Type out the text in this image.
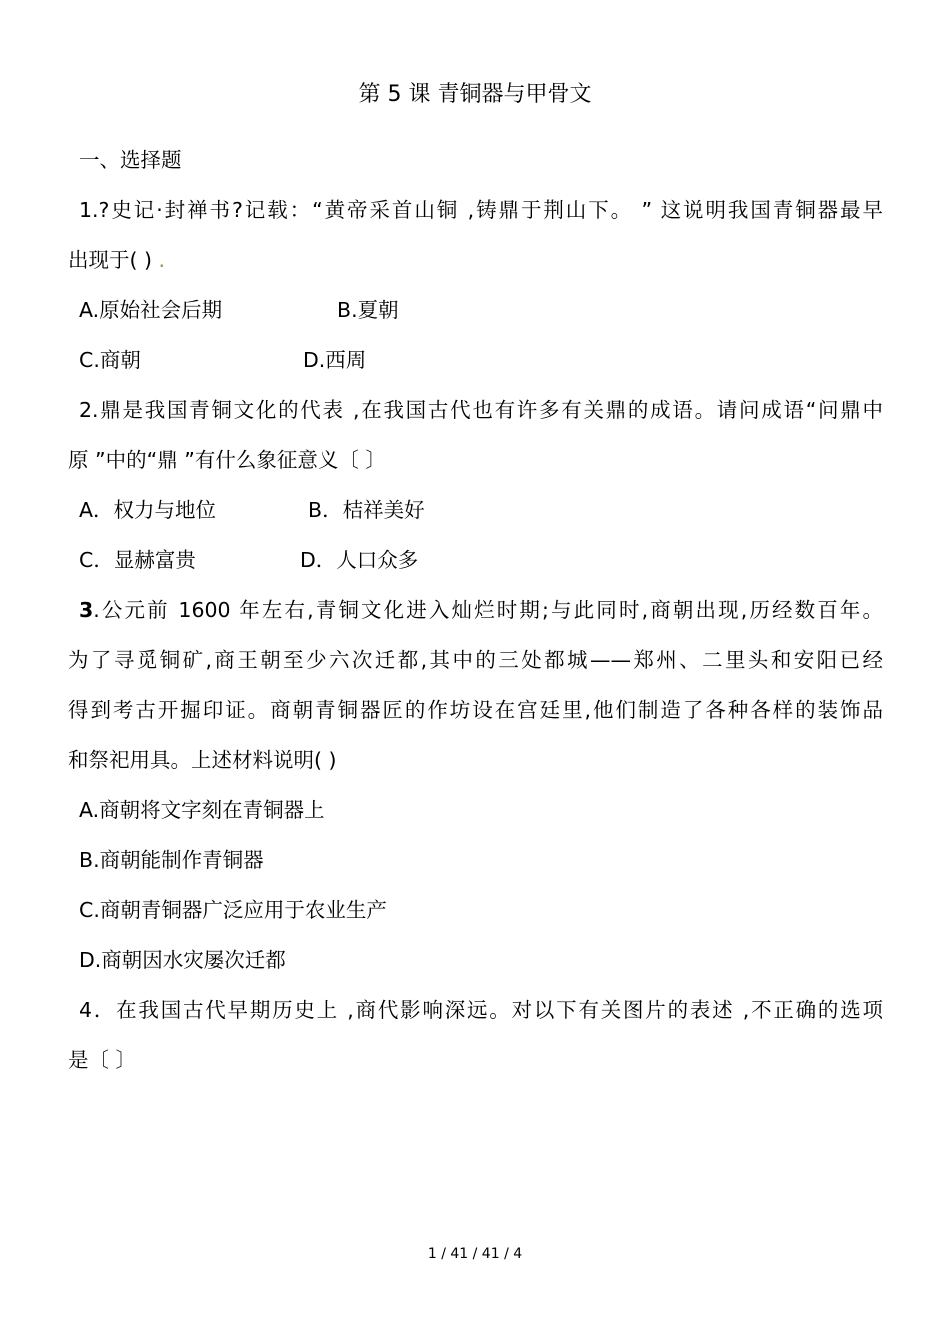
第 5 课 青铜器与甲骨文
一、选择题
1.?史记·封禅书?记载：“黄帝采首山铜 ,铸鼎于荆山下。 ” 这说明我国青铜器最早
出现于( ) .
A.原始社会后期	B.夏朝
C.商朝	D.西周
2.鼎是我国青铜文化的代表 ,在我国古代也有许多有关鼎的成语。请问成语“问鼎中
原 ”中的“鼎 ”有什么象征意义〔 〕
A．权力与地位	B．桔祥美好
C．显赫富贵	D．人口众多
3.公元前 1600 年左右,青铜文化进入灿烂时期;与此同时,商朝出现,历经数百年。
为了寻觅铜矿,商王朝至少六次迁都,其中的三处都城——郑州、二里头和安阳已经
得到考古开掘印证。商朝青铜器匠的作坊设在宫廷里,他们制造了各种各样的装饰品
和祭祀用具。上述材料说明( )
A.商朝将文字刻在青铜器上
B.商朝能制作青铜器
C.商朝青铜器广泛应用于农业生产
D.商朝因水灾屡次迁都
4．在我国古代早期历史上 ,商代影响深远。对以下有关图片的表述 ,不正确的选项
是〔 〕
1 / 41 / 41 / 4
